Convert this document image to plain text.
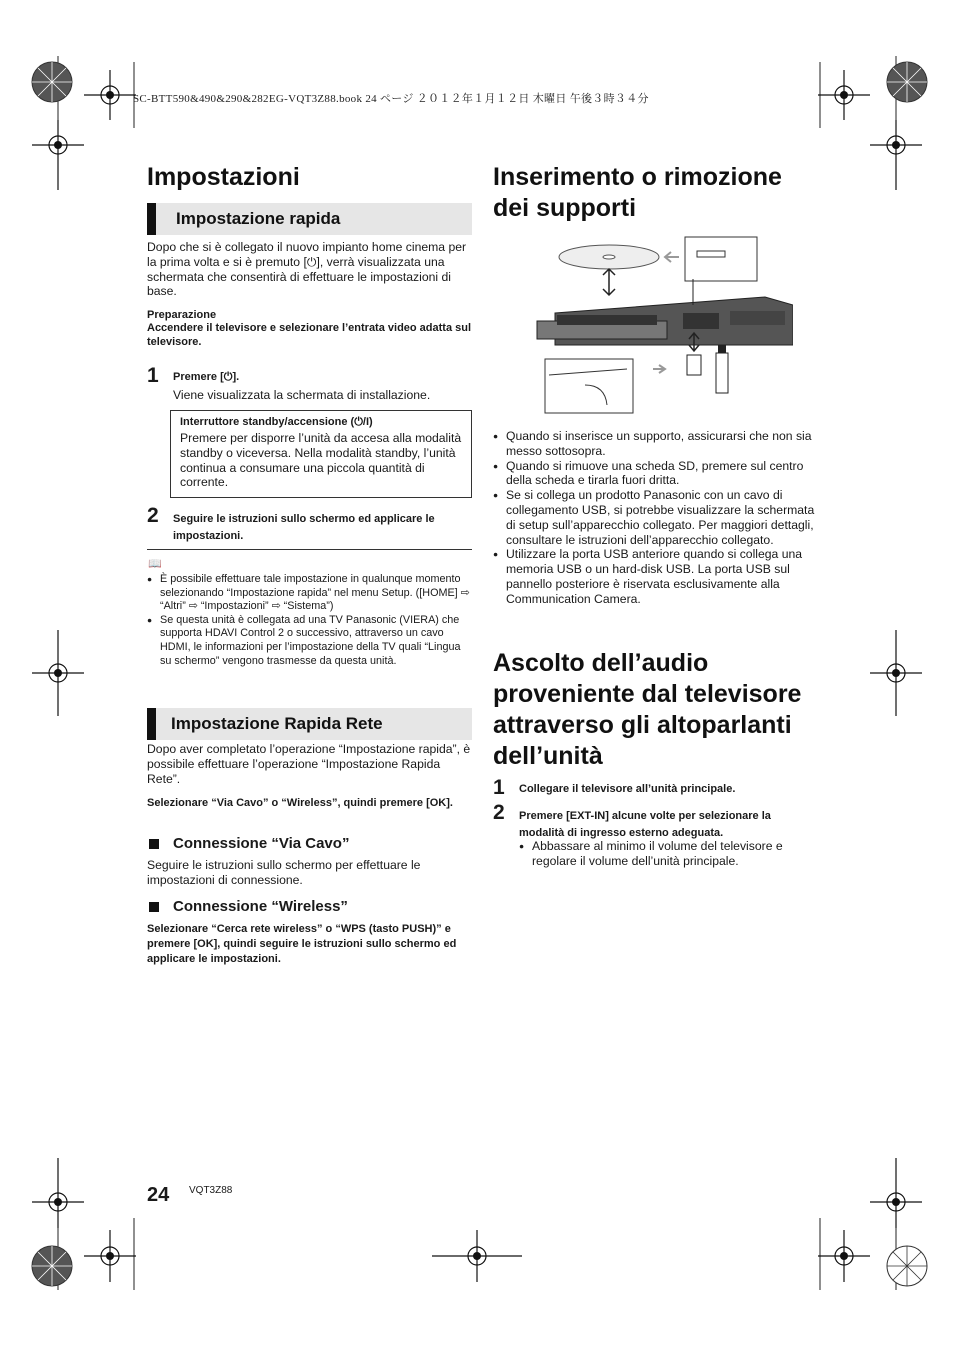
SC-BTT590&490&290&282EG-VQT3Z88.book 24 ページ ２０１２年１月１２日 木曜日 午後３時３４分
Impostazioni
Impostazione rapida
Dopo che si è collegato il nuovo impianto home cinema per la prima volta e si è premuto [⏻], verrà visualizzata una schermata che consentirà di effettuare le impostazioni di base.
Preparazione
Accendere il televisore e selezionare l’entrata video adatta sul televisore.
1 Premere [⏻].
Viene visualizzata la schermata di installazione.
Interruttore standby/accensione (⏻/I)
Premere per disporre l’unità da accesa alla modalità standby o viceversa. Nella modalità standby, l’unità continua a consumare una piccola quantità di corrente.
2 Seguire le istruzioni sullo schermo ed applicare le impostazioni.
📖
● È possibile effettuare tale impostazione in qualunque momento selezionando “Impostazione rapida” nel menu Setup. ([HOME] ⇨ “Altri” ⇨ “Impostazioni” ⇨ “Sistema”)
● Se questa unità è collegata ad una TV Panasonic (VIERA) che supporta HDAVI Control 2 o successivo, attraverso un cavo HDMI, le informazioni per l’impostazione della TV quali “Lingua su schermo” vengono trasmesse da questa unità.
Impostazione Rapida Rete
Dopo aver completato l’operazione “Impostazione rapida”, è possibile effettuare l’operazione “Impostazione Rapida Rete”.
Selezionare “Via Cavo” o “Wireless”, quindi premere [OK].
Connessione “Via Cavo”
Seguire le istruzioni sullo schermo per effettuare le impostazioni di connessione.
Connessione “Wireless”
Selezionare “Cerca rete wireless” o “WPS (tasto PUSH)” e premere [OK], quindi seguire le istruzioni sullo schermo ed applicare le impostazioni.
Inserimento o rimozione dei supporti
● Quando si inserisce un supporto, assicurarsi che non sia messo sottosopra.
● Quando si rimuove una scheda SD, premere sul centro della scheda e tirarla fuori dritta.
● Se si collega un prodotto Panasonic con un cavo di collegamento USB, si potrebbe visualizzare la schermata di setup sull’apparecchio collegato. Per maggiori dettagli, consultare le istruzioni dell’apparecchio collegato.
● Utilizzare la porta USB anteriore quando si collega una memoria USB o un hard-disk USB. La porta USB sul pannello posteriore è riservata esclusivamente alla Communication Camera.
Ascolto dell’audio proveniente dal televisore attraverso gli altoparlanti dell’unità
1 Collegare il televisore all’unità principale.
2 Premere [EXT-IN] alcune volte per selezionare la modalità di ingresso esterno adeguata.
● Abbassare al minimo il volume del televisore e regolare il volume dell’unità principale.
24 VQT3Z88
